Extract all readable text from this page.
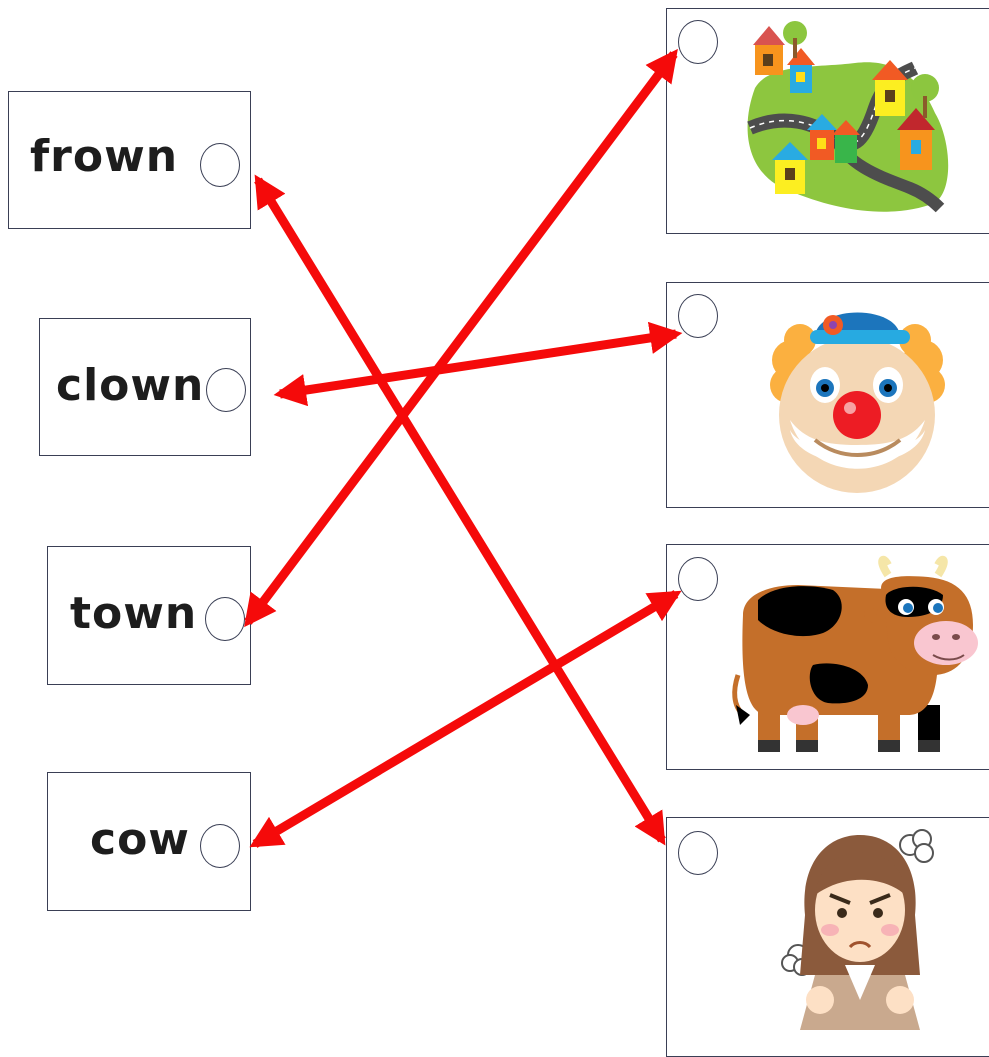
frown
clown
town
cow
